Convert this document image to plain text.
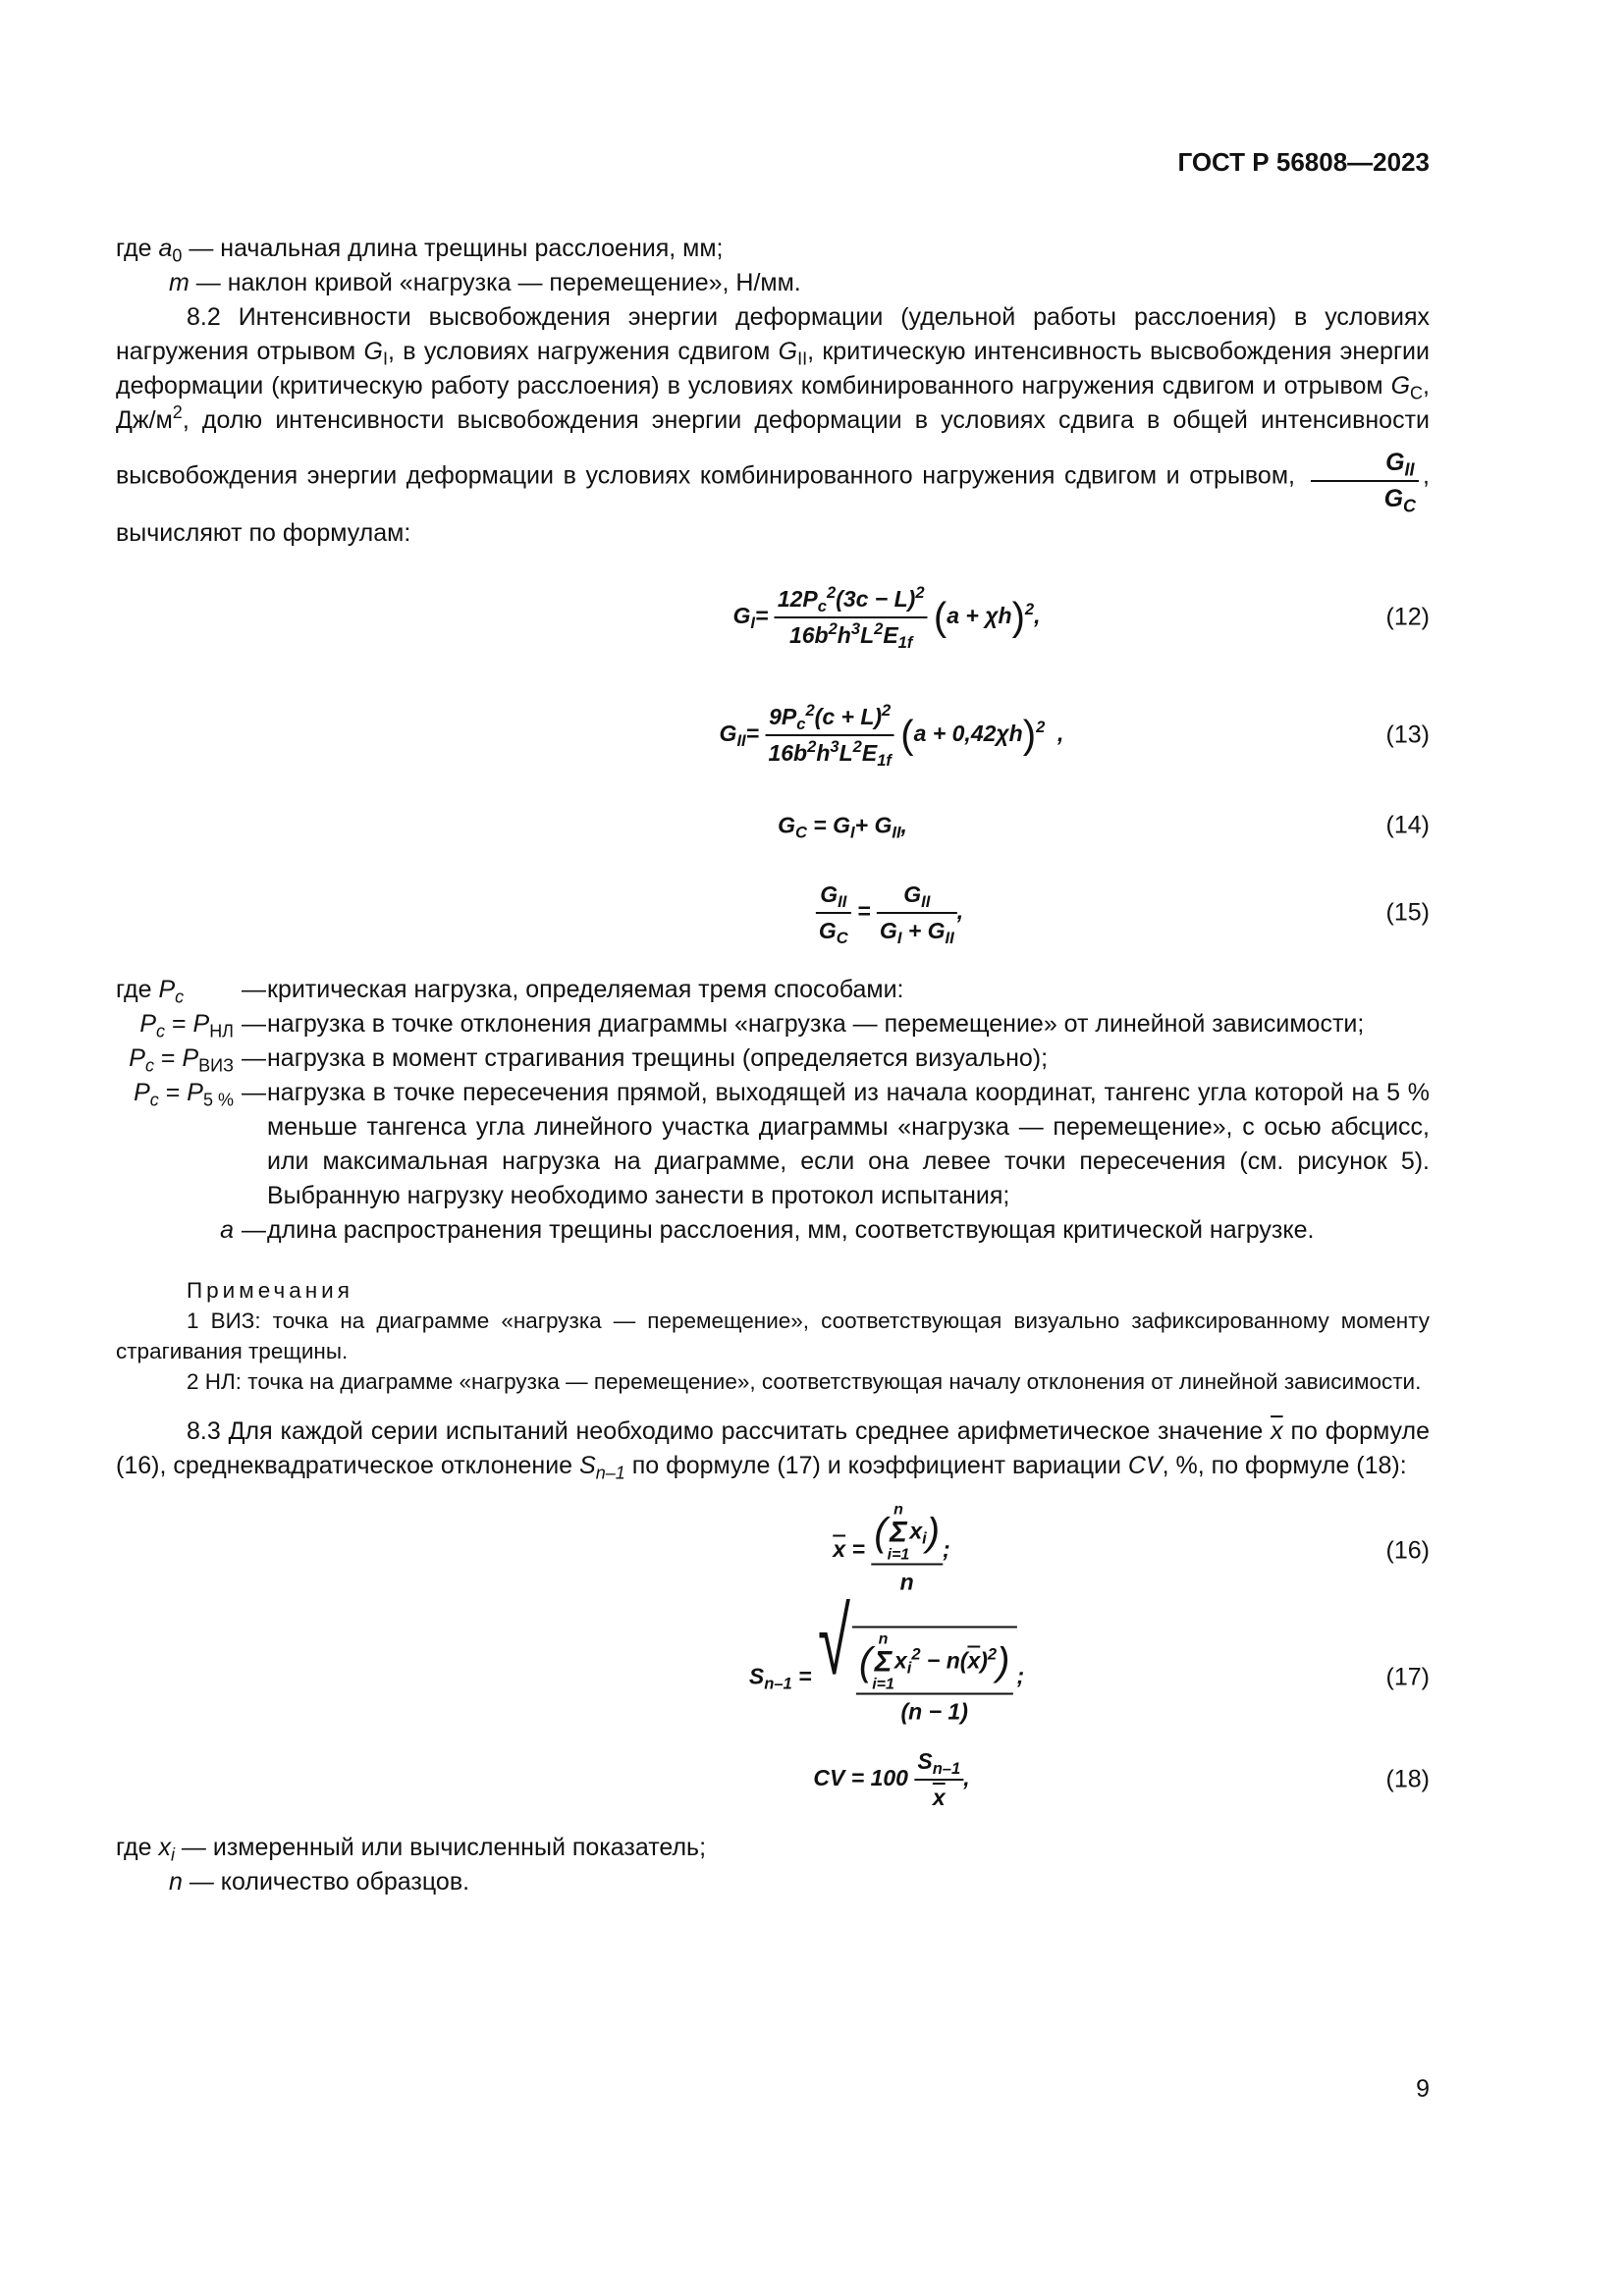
ГОСТ Р 56808—2023

где $a_0$ — начальная длина трещины расслоения, мм;

m — наклон кривой «нагрузка — перемещение», Н/мм.

8.2 Интенсивности высвобождения энергии деформации (удельной работы расслоения) в условиях нагружения отрывом $G_I$, в условиях нагружения сдвигом $G_{II}$, критическую интенсивность высвобождения энергии деформации (критическую работу расслоения) в условиях комбинированного нагружения сдвигом и отрывом $G_C$, $Дж/м^2$, долю интенсивности высвобождения энергии деформации в условиях сдвига в общей интенсивности высвобождения энергии деформации в условиях комбинированного нагружения сдвигом и отрывом, $\frac{G_{II}}{G_C}$ , вычисляют по формулам:

$G_I= \frac{12P_c^2(3c - L)^2}{16b^2h^3L^2E_{1f}} (a + \chi h)^2$,	(12)
$G_{II}= \frac{9P_c^2(c + L)^2}{16b^2h^3L^2E_{1f}} (a + 0,42\chi h)^2$ ,	(13)
$G_C = G_I+ G_{II}$,	(14)
$\frac{G_{II}}{G_C} = \frac{G_{II}}{G_I + G_{II}}$ ,	(15)
где $P_c$	— критическая нагрузка, определяемая тремя способами:
$P_c = P_{НЛ}$ — нагрузка в точке отклонения диаграммы «нагрузка — перемещение» от линейной зависимости;
$P_c = P_{ВИЗ}$ — нагрузка в момент страгивания трещины (определяется визуально);
$P_c = P_{5 \%}$ — нагрузка в точке пересечения прямой, выходящей из начала координат, тангенс угла которой на 5 % меньше тангенса угла линейного участка диаграммы «нагрузка — перемещение», с осью абсцисс, или максимальная нагрузка на диаграмме, если она левее точки пересечения (см. рисунок 5). Выбранную нагрузку необходимо занести в протокол испытания;
a — длина распространения трещины расслоения, мм, соответствующая критической нагрузке.
Примечания
1 ВИЗ: точка на диаграмме «нагрузка — перемещение», соответствующая визуально зафиксированному моменту страгивания трещины.
2 НЛ: точка на диаграмме «нагрузка — перемещение», соответствующая началу отклонения от линейной зависимости.

8.3 Для каждой серии испытаний необходимо рассчитать среднее арифметическое значение $\overline{x}$ по формуле (16), среднеквадратическое отклонение $S_{n-1}$ по формуле (17) и коэффициент вариации CV, %, по формуле (18):

$\overline{x}$ = (
n
Σ
i=1
$x_i$)
n ;	(16)
$S_{n-1}$ = √ (
n
Σ
i=1
$x_i^2 - n(\overline{x})^2$)
(n − 1) ;	(17)
CV = $100 \frac{S_{n-1}}{x}$ ,	(18)

где $x_i$ — измеренный или вычисленный показатель;

n — количество образцов.

9
